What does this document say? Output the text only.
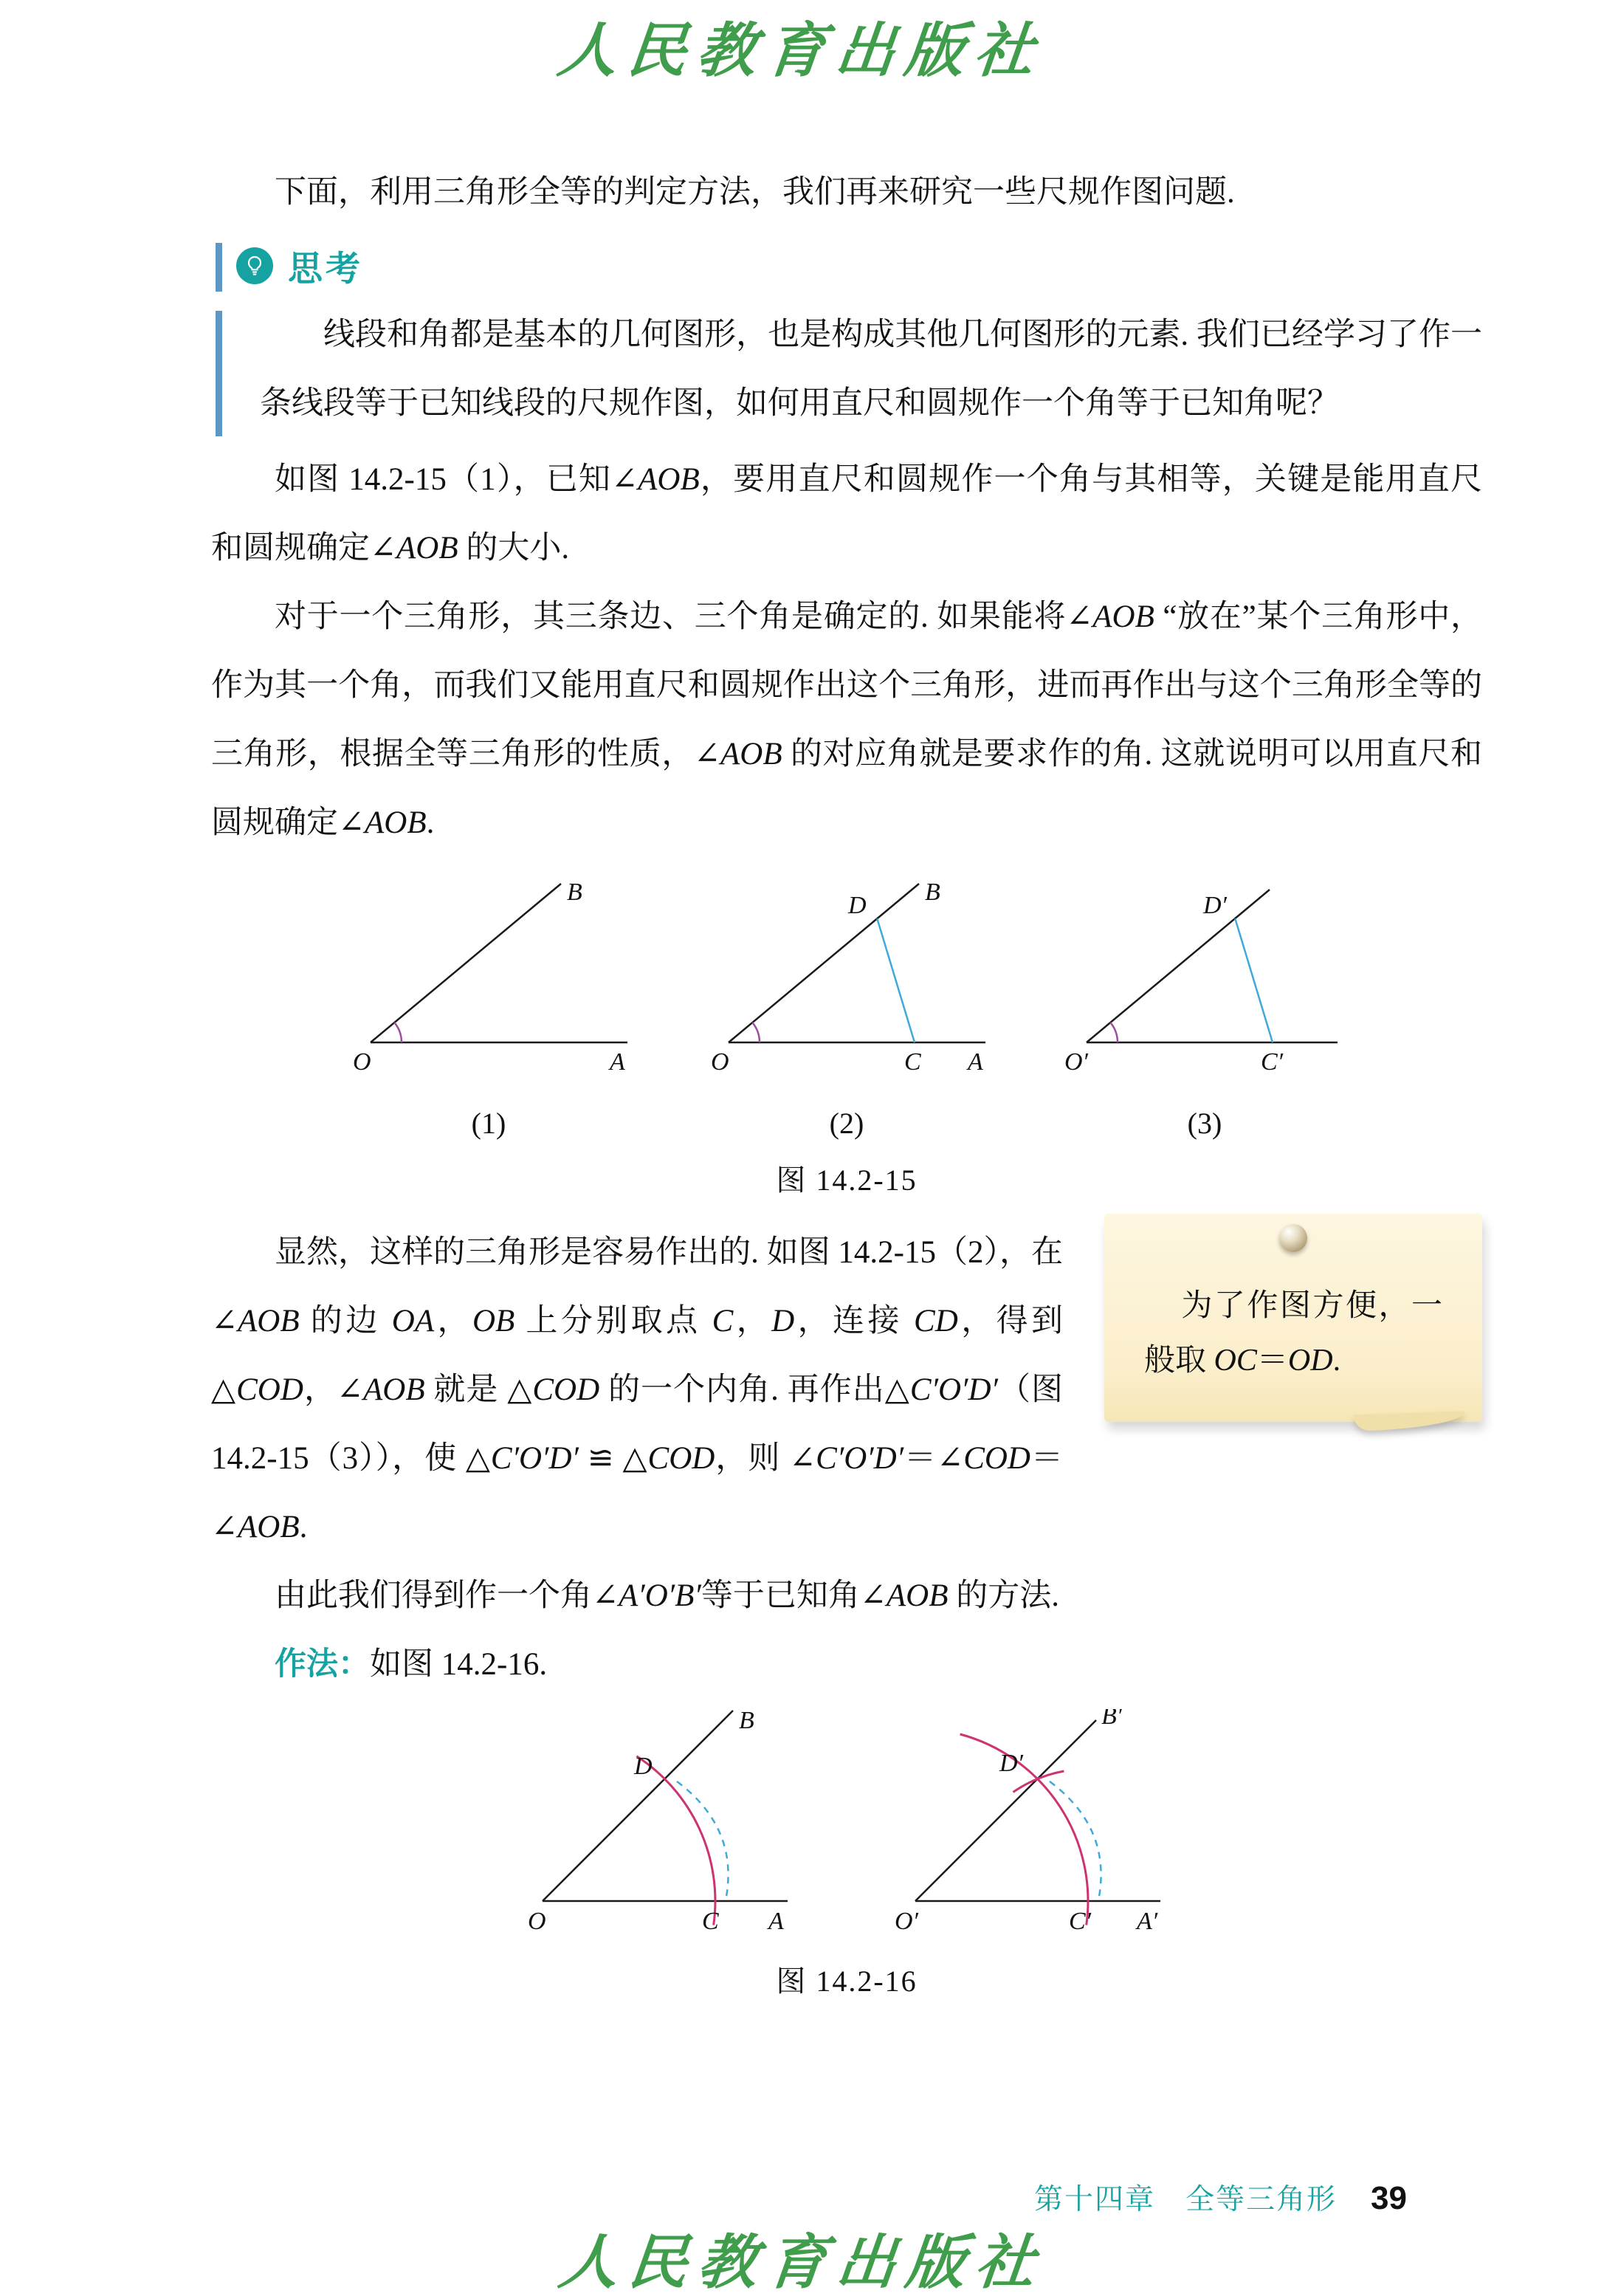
人民教育出版社

下面，利用三角形全等的判定方法，我们再来研究一些尺规作图问题.

思考

线段和角都是基本的几何图形，也是构成其他几何图形的元素. 我们已经学习了作一条线段等于已知线段的尺规作图，如何用直尺和圆规作一个角等于已知角呢？

如图 14.2-15（1），已知∠AOB，要用直尺和圆规作一个角与其相等，关键是能用直尺和圆规确定∠AOB 的大小.

对于一个三角形，其三条边、三个角是确定的. 如果能将∠AOB “放在”某个三角形中，作为其一个角，而我们又能用直尺和圆规作出这个三角形，进而再作出与这个三角形全等的三角形，根据全等三角形的性质，∠AOB 的对应角就是要求作的角. 这就说明可以用直尺和圆规确定∠AOB.

O	A
B
(1)
O	A
B
C
D
(2)
O′	C′
D′
(3)
图 14.2-15
为了作图方便，一般取 OC＝OD.

显然，这样的三角形是容易作出的. 如图 14.2-15（2），在∠AOB 的边 OA，OB 上分别取点 C，D，连接 CD，得到 △COD，∠AOB 就是 △COD 的一个内角. 再作出△C′O′D′（图 14.2-15（3）），使 △C′O′D′ ≌ △COD，则 ∠C′O′D′＝∠COD＝∠AOB.

由此我们得到作一个角∠A′O′B′等于已知角∠AOB 的方法.

作法：如图 14.2-16.

O	A
B
C
D
O′	A′
B′
C′
D′
图 14.2-16
第十四章　全等三角形 39
人民教育出版社
